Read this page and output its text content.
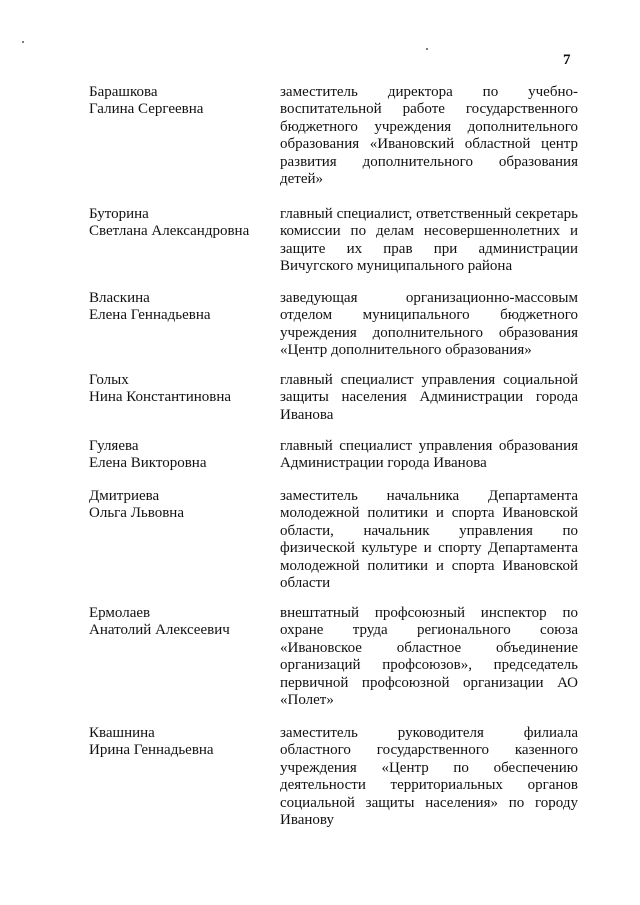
7
Барашкова
Галина Сергеевна
заместитель директора по учебно-воспитательной работе государственного бюджетного учреждения дополнительного образования «Ивановский областной центр развития дополнительного образования детей»
Буторина
Светлана Александровна
главный специалист, ответственный секретарь комиссии по делам несовершеннолетних и защите их прав при администрации Вичугского муниципального района
Власкина
Елена Геннадьевна
заведующая организационно-массовым отделом муниципального бюджетного учреждения дополнительного образования «Центр дополнительного образования»
Голых
Нина Константиновна
главный специалист управления социальной защиты населения Администрации города Иванова
Гуляева
Елена Викторовна
главный специалист управления образования Администрации города Иванова
Дмитриева
Ольга Львовна
заместитель начальника Департамента молодежной политики и спорта Ивановской области, начальник управления по физической культуре и спорту Департамента молодежной политики и спорта Ивановской области
Ермолаев
Анатолий Алексеевич
внештатный профсоюзный инспектор по охране труда регионального союза «Ивановское областное объединение организаций профсоюзов», председатель первичной профсоюзной организации АО «Полет»
Квашнина
Ирина Геннадьевна
заместитель руководителя филиала областного государственного казенного учреждения «Центр по обеспечению деятельности территориальных органов социальной защиты населения» по городу Иванову
